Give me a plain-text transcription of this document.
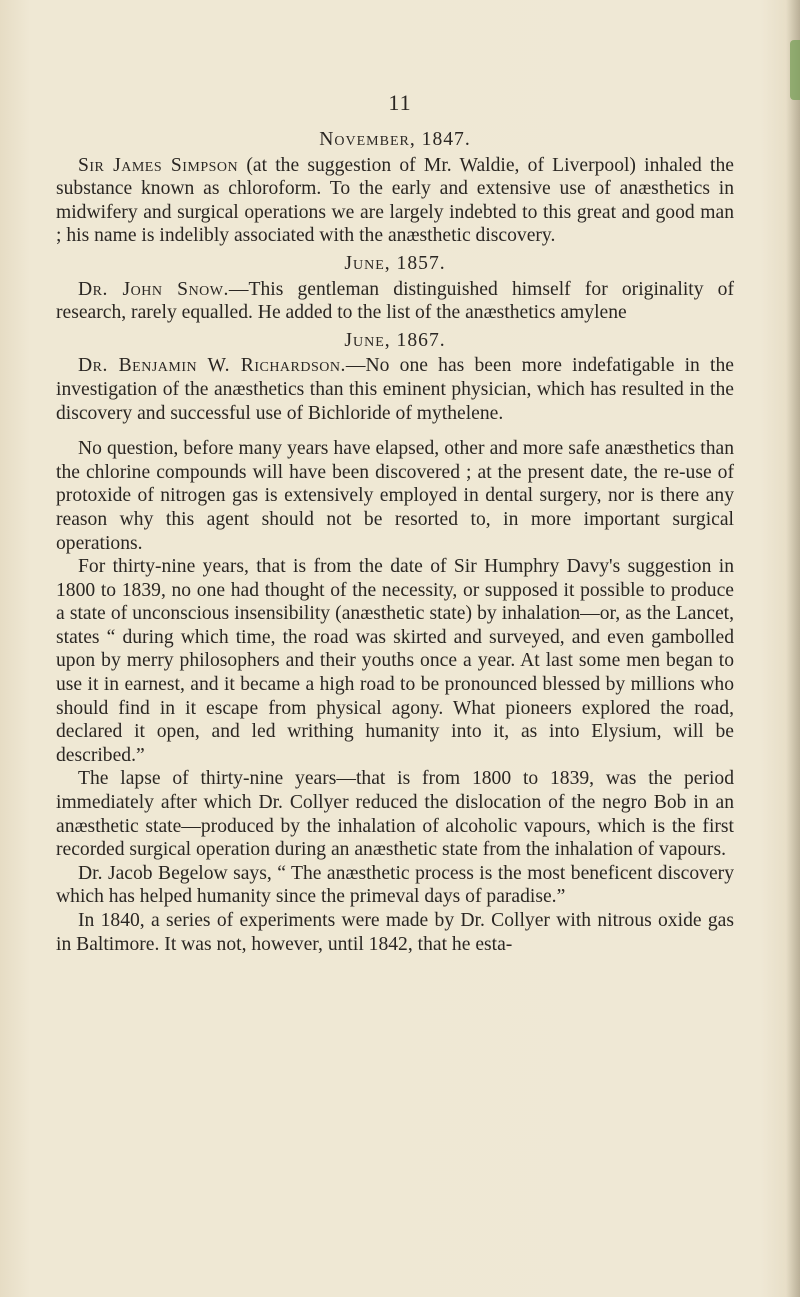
11
November, 1847.
Sir James Simpson (at the suggestion of Mr. Waldie, of Liverpool) inhaled the substance known as chloroform. To the early and extensive use of anæsthetics in midwifery and surgical operations we are largely indebted to this great and good man ; his name is indelibly associated with the anæsthetic discovery.
June, 1857.
Dr. John Snow.—This gentleman distinguished himself for originality of research, rarely equalled. He added to the list of the anæsthetics amylene
June, 1867.
Dr. Benjamin W. Richardson.—No one has been more indefatigable in the investigation of the anæsthetics than this eminent physician, which has resulted in the discovery and successful use of Bichloride of mythelene.

No question, before many years have elapsed, other and more safe anæsthetics than the chlorine compounds will have been discovered ; at the present date, the re-use of protoxide of nitrogen gas is extensively employed in dental surgery, nor is there any reason why this agent should not be resorted to, in more important surgical operations.

For thirty-nine years, that is from the date of Sir Humphry Davy's suggestion in 1800 to 1839, no one had thought of the necessity, or supposed it possible to produce a state of unconscious insensibility (anæsthetic state) by inhalation—or, as the Lancet, states “ during which time, the road was skirted and surveyed, and even gambolled upon by merry philosophers and their youths once a year. At last some men began to use it in earnest, and it became a high road to be pronounced blessed by millions who should find in it escape from physical agony. What pioneers explored the road, declared it open, and led writhing humanity into it, as into Elysium, will be described.”

The lapse of thirty-nine years—that is from 1800 to 1839, was the period immediately after which Dr. Collyer reduced the dislocation of the negro Bob in an anæsthetic state—produced by the inhalation of alcoholic vapours, which is the first recorded surgical operation during an anæsthetic state from the inhalation of vapours.

Dr. Jacob Begelow says, “ The anæsthetic process is the most beneficent discovery which has helped humanity since the primeval days of paradise.”

In 1840, a series of experiments were made by Dr. Collyer with nitrous oxide gas in Baltimore. It was not, however, until 1842, that he esta-
